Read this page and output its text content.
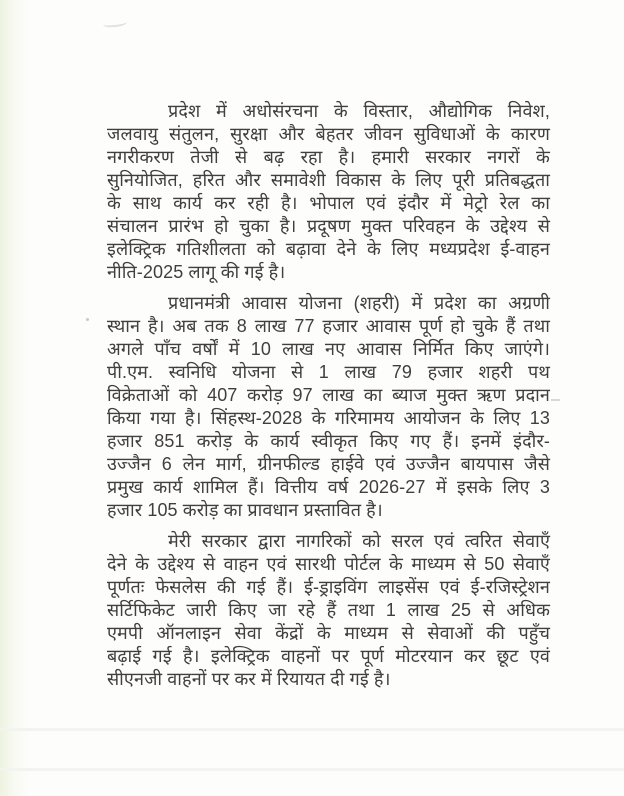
प्रदेश में अधोसंरचना के विस्तार, औद्योगिक निवेश,
जलवायु संतुलन, सुरक्षा और बेहतर जीवन सुविधाओं के कारण
नगरीकरण तेजी से बढ़ रहा है। हमारी सरकार नगरों के
सुनियोजित, हरित और समावेशी विकास के लिए पूरी प्रतिबद्धता
के साथ कार्य कर रही है। भोपाल एवं इंदौर में मेट्रो रेल का
संचालन प्रारंभ हो चुका है। प्रदूषण मुक्त परिवहन के उद्देश्य से
इलेक्ट्रिक गतिशीलता को बढ़ावा देने के लिए मध्यप्रदेश ई-वाहन
नीति-2025 लागू की गई है।
प्रधानमंत्री आवास योजना (शहरी) में प्रदेश का अग्रणी
स्थान है। अब तक 8 लाख 77 हजार आवास पूर्ण हो चुके हैं तथा
अगले पाँच वर्षों में 10 लाख नए आवास निर्मित किए जाएंगे।
पी.एम. स्वनिधि योजना से 1 लाख 79 हजार शहरी पथ
विक्रेताओं को 407 करोड़ 97 लाख का ब्याज मुक्त ऋण प्रदान
किया गया है। सिंहस्थ-2028 के गरिमामय आयोजन के लिए 13
हजार 851 करोड़ के कार्य स्वीकृत किए गए हैं। इनमें इंदौर-
उज्जैन 6 लेन मार्ग, ग्रीनफील्ड हाईवे एवं उज्जैन बायपास जैसे
प्रमुख कार्य शामिल हैं। वित्तीय वर्ष 2026-27 में इसके लिए 3
हजार 105 करोड़ का प्रावधान प्रस्तावित है।
मेरी सरकार द्वारा नागरिकों को सरल एवं त्वरित सेवाएँ
देने के उद्देश्य से वाहन एवं सारथी पोर्टल के माध्यम से 50 सेवाएँ
पूर्णतः फेसलेस की गई हैं। ई-ड्राइविंग लाइसेंस एवं ई-रजिस्ट्रेशन
सर्टिफिकेट जारी किए जा रहे हैं तथा 1 लाख 25 से अधिक
एमपी ऑनलाइन सेवा केंद्रों के माध्यम से सेवाओं की पहुँच
बढ़ाई गई है। इलेक्ट्रिक वाहनों पर पूर्ण मोटरयान कर छूट एवं
सीएनजी वाहनों पर कर में रियायत दी गई है।
